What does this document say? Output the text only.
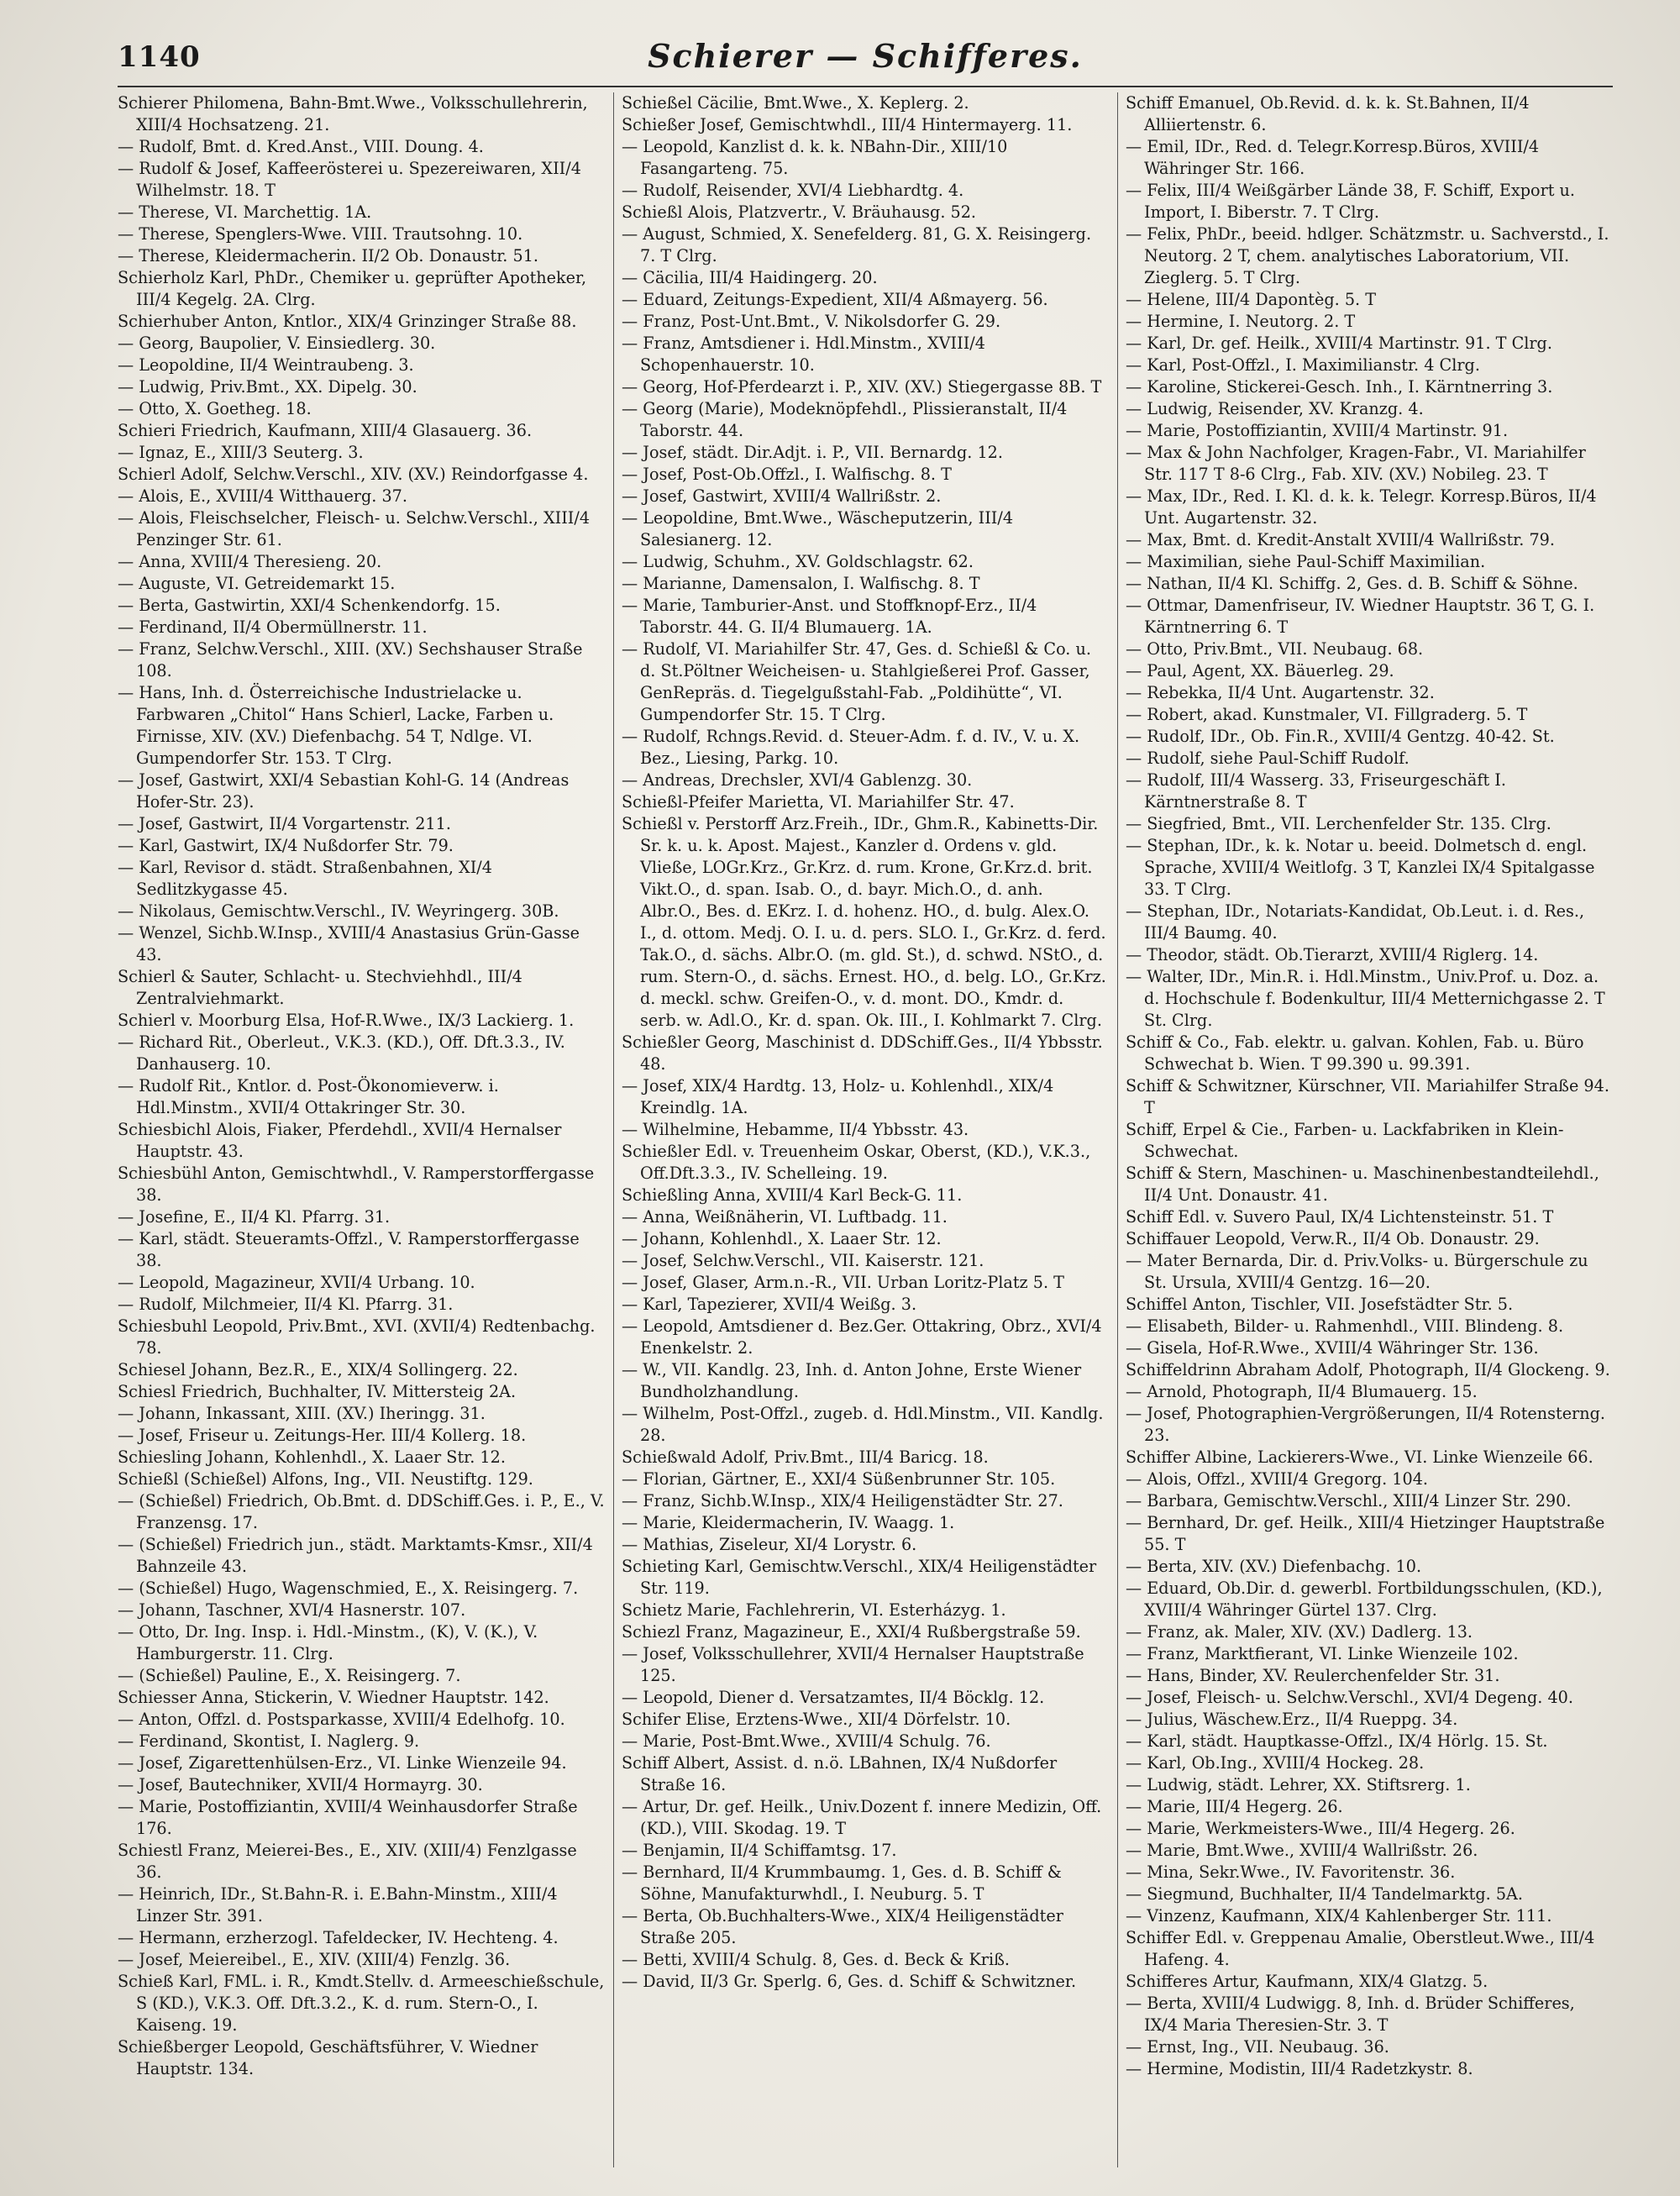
1140	Schierer — Schifferes.

Schierer Philomena, Bahn-Bmt.Wwe., Volksschullehrerin, XIII/4 Hochsatzeng. 21.

— Rudolf, Bmt. d. Kred.Anst., VIII. Doung. 4.

— Rudolf & Josef, Kaffeerösterei u. Spezereiwaren, XII/4 Wilhelmstr. 18. T

— Therese, VI. Marchettig. 1A.

— Therese, Spenglers-Wwe. VIII. Trautsohng. 10.

— Therese, Kleidermacherin. II/2 Ob. Donaustr. 51.

Schierholz Karl, PhDr., Chemiker u. geprüfter Apotheker, III/4 Kegelg. 2A. Clrg.

Schierhuber Anton, Kntlor., XIX/4 Grinzinger Straße 88.

— Georg, Baupolier, V. Einsiedlerg. 30.

— Leopoldine, II/4 Weintraubeng. 3.

— Ludwig, Priv.Bmt., XX. Dipelg. 30.

— Otto, X. Goetheg. 18.

Schieri Friedrich, Kaufmann, XIII/4 Glasauerg. 36.

— Ignaz, E., XIII/3 Seuterg. 3.

Schierl Adolf, Selchw.Verschl., XIV. (XV.) Reindorfgasse 4.

— Alois, E., XVIII/4 Witthauerg. 37.

— Alois, Fleischselcher, Fleisch- u. Selchw.Verschl., XIII/4 Penzinger Str. 61.

— Anna, XVIII/4 Theresieng. 20.

— Auguste, VI. Getreidemarkt 15.

— Berta, Gastwirtin, XXI/4 Schenkendorfg. 15.

— Ferdinand, II/4 Obermüllnerstr. 11.

— Franz, Selchw.Verschl., XIII. (XV.) Sechshauser Straße 108.

— Hans, Inh. d. Österreichische Industrielacke u. Farbwaren „Chitol“ Hans Schierl, Lacke, Farben u. Firnisse, XIV. (XV.) Diefenbachg. 54 T, Ndlge. VI. Gumpendorfer Str. 153. T Clrg.

— Josef, Gastwirt, XXI/4 Sebastian Kohl-G. 14 (Andreas Hofer-Str. 23).

— Josef, Gastwirt, II/4 Vorgartenstr. 211.

— Karl, Gastwirt, IX/4 Nußdorfer Str. 79.

— Karl, Revisor d. städt. Straßenbahnen, XI/4 Sedlitzkygasse 45.

— Nikolaus, Gemischtw.Verschl., IV. Weyringerg. 30B.

— Wenzel, Sichb.W.Insp., XVIII/4 Anastasius Grün-Gasse 43.

Schierl & Sauter, Schlacht- u. Stechviehhdl., III/4 Zentralviehmarkt.

Schierl v. Moorburg Elsa, Hof-R.Wwe., IX/3 Lackierg. 1.

— Richard Rit., Oberleut., V.K.3. (KD.), Off. Dft.3.3., IV. Danhauserg. 10.

— Rudolf Rit., Kntlor. d. Post-Ökonomieverw. i. Hdl.Minstm., XVII/4 Ottakringer Str. 30.

Schiesbichl Alois, Fiaker, Pferdehdl., XVII/4 Hernalser Hauptstr. 43.

Schiesbühl Anton, Gemischtwhdl., V. Ramperstorffergasse 38.

— Josefine, E., II/4 Kl. Pfarrg. 31.

— Karl, städt. Steueramts-Offzl., V. Ramperstorffergasse 38.

— Leopold, Magazineur, XVII/4 Urbang. 10.

— Rudolf, Milchmeier, II/4 Kl. Pfarrg. 31.

Schiesbuhl Leopold, Priv.Bmt., XVI. (XVII/4) Redtenbachg. 78.

Schiesel Johann, Bez.R., E., XIX/4 Sollingerg. 22.

Schiesl Friedrich, Buchhalter, IV. Mittersteig 2A.

— Johann, Inkassant, XIII. (XV.) Iheringg. 31.

— Josef, Friseur u. Zeitungs-Her. III/4 Kollerg. 18.

Schiesling Johann, Kohlenhdl., X. Laaer Str. 12.

Schießl (Schießel) Alfons, Ing., VII. Neustiftg. 129.

— (Schießel) Friedrich, Ob.Bmt. d. DDSchiff.Ges. i. P., E., V. Franzensg. 17.

— (Schießel) Friedrich jun., städt. Marktamts-Kmsr., XII/4 Bahnzeile 43.

— (Schießel) Hugo, Wagenschmied, E., X. Reisingerg. 7.

— Johann, Taschner, XVI/4 Hasnerstr. 107.

— Otto, Dr. Ing. Insp. i. Hdl.-Minstm., (K), V. (K.), V. Hamburgerstr. 11. Clrg.

— (Schießel) Pauline, E., X. Reisingerg. 7.

Schiesser Anna, Stickerin, V. Wiedner Hauptstr. 142.

— Anton, Offzl. d. Postsparkasse, XVIII/4 Edelhofg. 10.

— Ferdinand, Skontist, I. Naglerg. 9.

— Josef, Zigarettenhülsen-Erz., VI. Linke Wienzeile 94.

— Josef, Bautechniker, XVII/4 Hormayrg. 30.

— Marie, Postoffiziantin, XVIII/4 Weinhausdorfer Straße 176.

Schiestl Franz, Meierei-Bes., E., XIV. (XIII/4) Fenzlgasse 36.

— Heinrich, IDr., St.Bahn-R. i. E.Bahn-Minstm., XIII/4 Linzer Str. 391.

— Hermann, erzherzogl. Tafeldecker, IV. Hechteng. 4.

— Josef, Meiereibel., E., XIV. (XIII/4) Fenzlg. 36.

Schieß Karl, FML. i. R., Kmdt.Stellv. d. Armeeschießschule, S (KD.), V.K.3. Off. Dft.3.2., K. d. rum. Stern-O., I. Kaiseng. 19.

Schießberger Leopold, Geschäftsführer, V. Wiedner Hauptstr. 134.

Schießel Cäcilie, Bmt.Wwe., X. Keplerg. 2.

Schießer Josef, Gemischtwhdl., III/4 Hintermayerg. 11.

— Leopold, Kanzlist d. k. k. NBahn-Dir., XIII/10 Fasangarteng. 75.

— Rudolf, Reisender, XVI/4 Liebhardtg. 4.

Schießl Alois, Platzvertr., V. Bräuhausg. 52.

— August, Schmied, X. Senefelderg. 81, G. X. Reisingerg. 7. T Clrg.

— Cäcilia, III/4 Haidingerg. 20.

— Eduard, Zeitungs-Expedient, XII/4 Aßmayerg. 56.

— Franz, Post-Unt.Bmt., V. Nikolsdorfer G. 29.

— Franz, Amtsdiener i. Hdl.Minstm., XVIII/4 Schopenhauerstr. 10.

— Georg, Hof-Pferdearzt i. P., XIV. (XV.) Stiegergasse 8B. T

— Georg (Marie), Modeknöpfehdl., Plissieranstalt, II/4 Taborstr. 44.

— Josef, städt. Dir.Adjt. i. P., VII. Bernardg. 12.

— Josef, Post-Ob.Offzl., I. Walfischg. 8. T

— Josef, Gastwirt, XVIII/4 Wallrißstr. 2.

— Leopoldine, Bmt.Wwe., Wäscheputzerin, III/4 Salesianerg. 12.

— Ludwig, Schuhm., XV. Goldschlagstr. 62.

— Marianne, Damensalon, I. Walfischg. 8. T

— Marie, Tamburier-Anst. und Stoffknopf-Erz., II/4 Taborstr. 44. G. II/4 Blumauerg. 1A.

— Rudolf, VI. Mariahilfer Str. 47, Ges. d. Schießl & Co. u. d. St.Pöltner Weicheisen- u. Stahlgießerei Prof. Gasser, GenRepräs. d. Tiegelgußstahl-Fab. „Poldihütte“, VI. Gumpendorfer Str. 15. T Clrg.

— Rudolf, Rchngs.Revid. d. Steuer-Adm. f. d. IV., V. u. X. Bez., Liesing, Parkg. 10.

— Andreas, Drechsler, XVI/4 Gablenzg. 30.

Schießl-Pfeifer Marietta, VI. Mariahilfer Str. 47.

Schießl v. Perstorff Arz.Freih., IDr., Ghm.R., Kabinetts-Dir. Sr. k. u. k. Apost. Majest., Kanzler d. Ordens v. gld. Vließe, LOGr.Krz., Gr.Krz. d. rum. Krone, Gr.Krz.d. brit. Vikt.O., d. span. Isab. O., d. bayr. Mich.O., d. anh. Albr.O., Bes. d. EKrz. I. d. hohenz. HO., d. bulg. Alex.O. I., d. ottom. Medj. O. I. u. d. pers. SLO. I., Gr.Krz. d. ferd. Tak.O., d. sächs. Albr.O. (m. gld. St.), d. schwd. NStO., d. rum. Stern-O., d. sächs. Ernest. HO., d. belg. LO., Gr.Krz. d. meckl. schw. Greifen-O., v. d. mont. DO., Kmdr. d. serb. w. Adl.O., Kr. d. span. Ok. III., I. Kohlmarkt 7. Clrg.

Schießler Georg, Maschinist d. DDSchiff.Ges., II/4 Ybbsstr. 48.

— Josef, XIX/4 Hardtg. 13, Holz- u. Kohlenhdl., XIX/4 Kreindlg. 1A.

— Wilhelmine, Hebamme, II/4 Ybbsstr. 43.

Schießler Edl. v. Treuenheim Oskar, Oberst, (KD.), V.K.3., Off.Dft.3.3., IV. Schelleing. 19.

Schießling Anna, XVIII/4 Karl Beck-G. 11.

— Anna, Weißnäherin, VI. Luftbadg. 11.

— Johann, Kohlenhdl., X. Laaer Str. 12.

— Josef, Selchw.Verschl., VII. Kaiserstr. 121.

— Josef, Glaser, Arm.n.-R., VII. Urban Loritz-Platz 5. T

— Karl, Tapezierer, XVII/4 Weißg. 3.

— Leopold, Amtsdiener d. Bez.Ger. Ottakring, Obrz., XVI/4 Enenkelstr. 2.

— W., VII. Kandlg. 23, Inh. d. Anton Johne, Erste Wiener Bundholzhandlung.

— Wilhelm, Post-Offzl., zugeb. d. Hdl.Minstm., VII. Kandlg. 28.

Schießwald Adolf, Priv.Bmt., III/4 Baricg. 18.

— Florian, Gärtner, E., XXI/4 Süßenbrunner Str. 105.

— Franz, Sichb.W.Insp., XIX/4 Heiligenstädter Str. 27.

— Marie, Kleidermacherin, IV. Waagg. 1.

— Mathias, Ziseleur, XI/4 Lorystr. 6.

Schieting Karl, Gemischtw.Verschl., XIX/4 Heiligenstädter Str. 119.

Schietz Marie, Fachlehrerin, VI. Esterházyg. 1.

Schiezl Franz, Magazineur, E., XXI/4 Rußbergstraße 59.

— Josef, Volksschullehrer, XVII/4 Hernalser Hauptstraße 125.

— Leopold, Diener d. Versatzamtes, II/4 Böcklg. 12.

Schifer Elise, Erztens-Wwe., XII/4 Dörfelstr. 10.

— Marie, Post-Bmt.Wwe., XVIII/4 Schulg. 76.

Schiff Albert, Assist. d. n.ö. LBahnen, IX/4 Nußdorfer Straße 16.

— Artur, Dr. gef. Heilk., Univ.Dozent f. innere Medizin, Off. (KD.), VIII. Skodag. 19. T

— Benjamin, II/4 Schiffamtsg. 17.

— Bernhard, II/4 Krummbaumg. 1, Ges. d. B. Schiff & Söhne, Manufakturwhdl., I. Neuburg. 5. T

— Berta, Ob.Buchhalters-Wwe., XIX/4 Heiligenstädter Straße 205.

— Betti, XVIII/4 Schulg. 8, Ges. d. Beck & Kriß.

— David, II/3 Gr. Sperlg. 6, Ges. d. Schiff & Schwitzner.

Schiff Emanuel, Ob.Revid. d. k. k. St.Bahnen, II/4 Alliiertenstr. 6.

— Emil, IDr., Red. d. Telegr.Korresp.Büros, XVIII/4 Währinger Str. 166.

— Felix, III/4 Weißgärber Lände 38, F. Schiff, Export u. Import, I. Biberstr. 7. T Clrg.

— Felix, PhDr., beeid. hdlger. Schätzmstr. u. Sachverstd., I. Neutorg. 2 T, chem. analytisches Laboratorium, VII. Zieglerg. 5. T Clrg.

— Helene, III/4 Dapontèg. 5. T

— Hermine, I. Neutorg. 2. T

— Karl, Dr. gef. Heilk., XVIII/4 Martinstr. 91. T Clrg.

— Karl, Post-Offzl., I. Maximilianstr. 4 Clrg.

— Karoline, Stickerei-Gesch. Inh., I. Kärntnerring 3.

— Ludwig, Reisender, XV. Kranzg. 4.

— Marie, Postoffiziantin, XVIII/4 Martinstr. 91.

— Max & John Nachfolger, Kragen-Fabr., VI. Mariahilfer Str. 117 T 8-6 Clrg., Fab. XIV. (XV.) Nobileg. 23. T

— Max, IDr., Red. I. Kl. d. k. k. Telegr. Korresp.Büros, II/4 Unt. Augartenstr. 32.

— Max, Bmt. d. Kredit-Anstalt XVIII/4 Wallrißstr. 79.

— Maximilian, siehe Paul-Schiff Maximilian.

— Nathan, II/4 Kl. Schiffg. 2, Ges. d. B. Schiff & Söhne.

— Ottmar, Damenfriseur, IV. Wiedner Hauptstr. 36 T, G. I. Kärntnerring 6. T

— Otto, Priv.Bmt., VII. Neubaug. 68.

— Paul, Agent, XX. Bäuerleg. 29.

— Rebekka, II/4 Unt. Augartenstr. 32.

— Robert, akad. Kunstmaler, VI. Fillgraderg. 5. T

— Rudolf, IDr., Ob. Fin.R., XVIII/4 Gentzg. 40-42. St.

— Rudolf, siehe Paul-Schiff Rudolf.

— Rudolf, III/4 Wasserg. 33, Friseurgeschäft I. Kärntnerstraße 8. T

— Siegfried, Bmt., VII. Lerchenfelder Str. 135. Clrg.

— Stephan, IDr., k. k. Notar u. beeid. Dolmetsch d. engl. Sprache, XVIII/4 Weitlofg. 3 T, Kanzlei IX/4 Spitalgasse 33. T Clrg.

— Stephan, IDr., Notariats-Kandidat, Ob.Leut. i. d. Res., III/4 Baumg. 40.

— Theodor, städt. Ob.Tierarzt, XVIII/4 Riglerg. 14.

— Walter, IDr., Min.R. i. Hdl.Minstm., Univ.Prof. u. Doz. a. d. Hochschule f. Bodenkultur, III/4 Metternichgasse 2. T St. Clrg.

Schiff & Co., Fab. elektr. u. galvan. Kohlen, Fab. u. Büro Schwechat b. Wien. T 99.390 u. 99.391.

Schiff & Schwitzner, Kürschner, VII. Mariahilfer Straße 94. T

Schiff, Erpel & Cie., Farben- u. Lackfabriken in Klein-Schwechat.

Schiff & Stern, Maschinen- u. Maschinenbestandteilehdl., II/4 Unt. Donaustr. 41.

Schiff Edl. v. Suvero Paul, IX/4 Lichtensteinstr. 51. T

Schiffauer Leopold, Verw.R., II/4 Ob. Donaustr. 29.

— Mater Bernarda, Dir. d. Priv.Volks- u. Bürgerschule zu St. Ursula, XVIII/4 Gentzg. 16—20.

Schiffel Anton, Tischler, VII. Josefstädter Str. 5.

— Elisabeth, Bilder- u. Rahmenhdl., VIII. Blindeng. 8.

— Gisela, Hof-R.Wwe., XVIII/4 Währinger Str. 136.

Schiffeldrinn Abraham Adolf, Photograph, II/4 Glockeng. 9.

— Arnold, Photograph, II/4 Blumauerg. 15.

— Josef, Photographien-Vergrößerungen, II/4 Rotensterng. 23.

Schiffer Albine, Lackierers-Wwe., VI. Linke Wienzeile 66.

— Alois, Offzl., XVIII/4 Gregorg. 104.

— Barbara, Gemischtw.Verschl., XIII/4 Linzer Str. 290.

— Bernhard, Dr. gef. Heilk., XIII/4 Hietzinger Hauptstraße 55. T

— Berta, XIV. (XV.) Diefenbachg. 10.

— Eduard, Ob.Dir. d. gewerbl. Fortbildungsschulen, (KD.), XVIII/4 Währinger Gürtel 137. Clrg.

— Franz, ak. Maler, XIV. (XV.) Dadlerg. 13.

— Franz, Marktfierant, VI. Linke Wienzeile 102.

— Hans, Binder, XV. Reulerchenfelder Str. 31.

— Josef, Fleisch- u. Selchw.Verschl., XVI/4 Degeng. 40.

— Julius, Wäschew.Erz., II/4 Rueppg. 34.

— Karl, städt. Hauptkasse-Offzl., IX/4 Hörlg. 15. St.

— Karl, Ob.Ing., XVIII/4 Hockeg. 28.

— Ludwig, städt. Lehrer, XX. Stiftsrerg. 1.

— Marie, III/4 Hegerg. 26.

— Marie, Werkmeisters-Wwe., III/4 Hegerg. 26.

— Marie, Bmt.Wwe., XVIII/4 Wallrißstr. 26.

— Mina, Sekr.Wwe., IV. Favoritenstr. 36.

— Siegmund, Buchhalter, II/4 Tandelmarktg. 5A.

— Vinzenz, Kaufmann, XIX/4 Kahlenberger Str. 111.

Schiffer Edl. v. Greppenau Amalie, Oberstleut.Wwe., III/4 Hafeng. 4.

Schifferes Artur, Kaufmann, XIX/4 Glatzg. 5.

— Berta, XVIII/4 Ludwigg. 8, Inh. d. Brüder Schifferes, IX/4 Maria Theresien-Str. 3. T

— Ernst, Ing., VII. Neubaug. 36.

— Hermine, Modistin, III/4 Radetzkystr. 8.
